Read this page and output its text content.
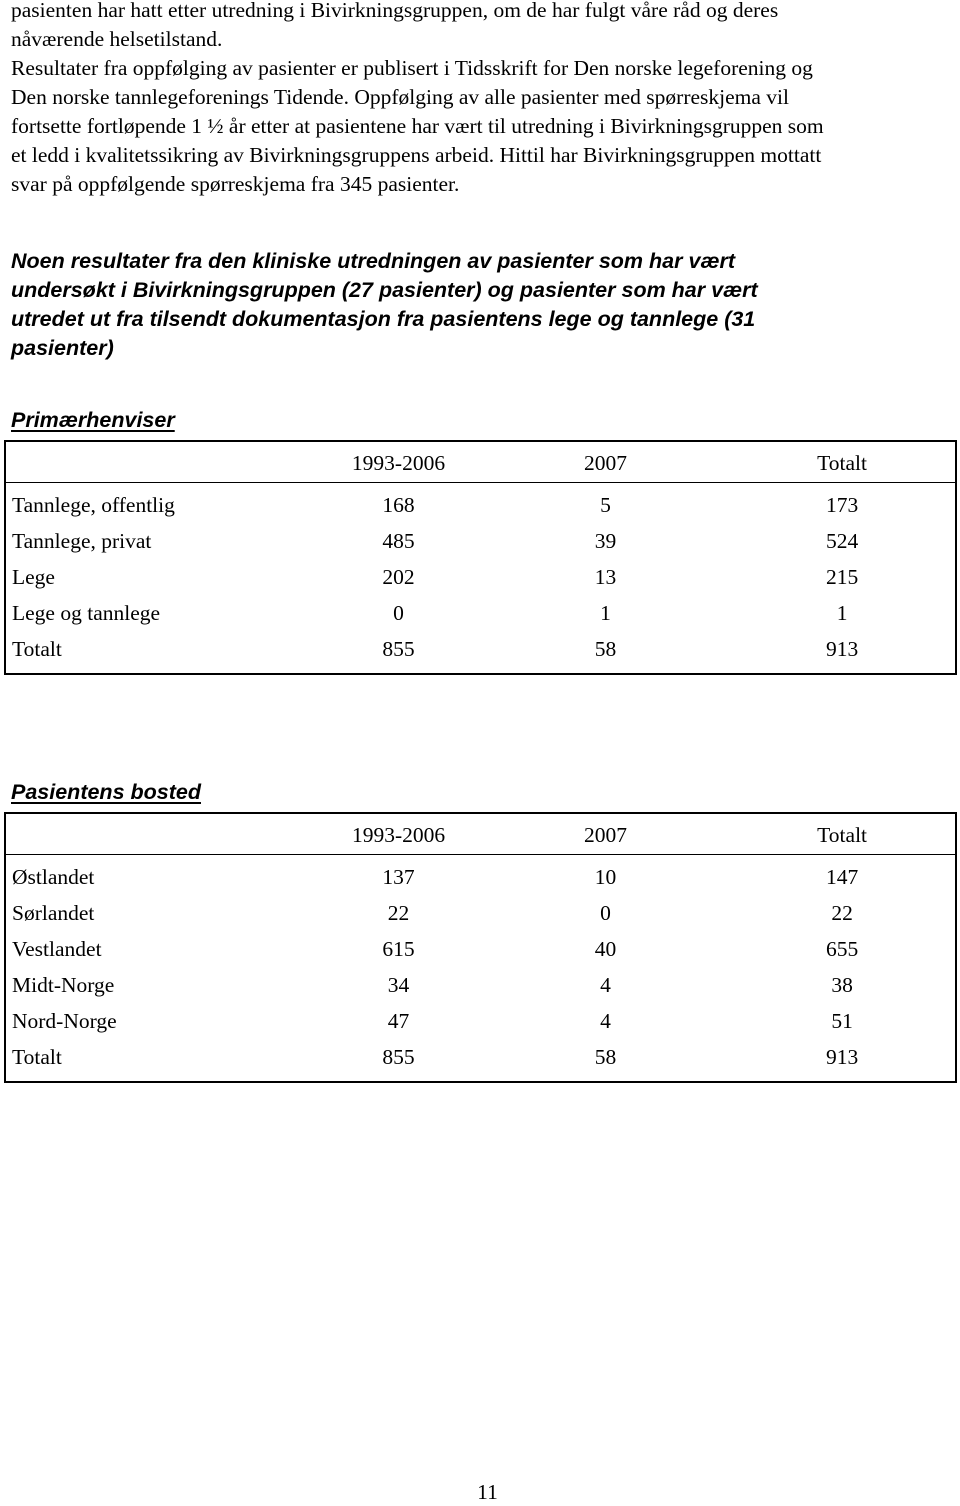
pasienten har hatt etter utredning i Bivirkningsgruppen, om de har fulgt våre råd og deres

nåværende helsetilstand.

Resultater fra oppfølging av pasienter er publisert i Tidsskrift for Den norske legeforening og

Den norske tannlegeforenings Tidende. Oppfølging av alle pasienter med spørreskjema vil

fortsette fortløpende 1 ½ år etter at pasientene har vært til utredning i Bivirkningsgruppen som

et ledd i kvalitetssikring av Bivirkningsgruppens arbeid. Hittil har Bivirkningsgruppen mottatt

svar på oppfølgende spørreskjema fra 345 pasienter.

Noen resultater fra den kliniske utredningen av pasienter som har vært
undersøkt i Bivirkningsgruppen (27 pasienter) og pasienter som har vært
utredet ut fra tilsendt dokumentasjon fra pasientens lege og tannlege (31
pasienter)
Primærhenviser
	1993-2006	2007	Totalt
Tannlege, offentlig	168	5	173
Tannlege, privat	485	39	524
Lege	202	13	215
Lege og tannlege	0	1	1
Totalt	855	58	913
Pasientens bosted
	1993-2006	2007	Totalt
Østlandet	137	10	147
Sørlandet	22	0	22
Vestlandet	615	40	655
Midt-Norge	34	4	38
Nord-Norge	47	4	51
Totalt	855	58	913

11
